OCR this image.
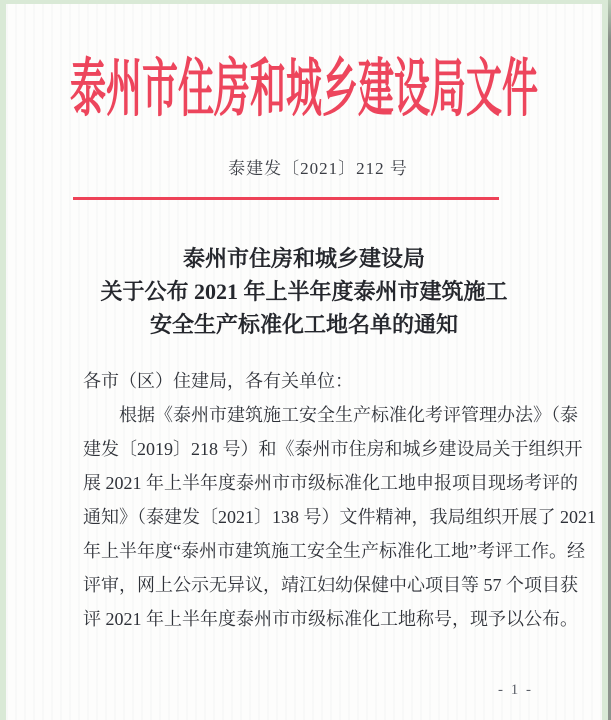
泰州市住房和城乡建设局文件
泰建发〔2021〕212 号
泰州市住房和城乡建设局
关于公布 2021 年上半年度泰州市建筑施工
安全生产标准化工地名单的通知
各市（区）住建局，各有关单位：
根据《泰州市建筑施工安全生产标准化考评管理办法》（泰
建发〔2019〕218 号）和《泰州市住房和城乡建设局关于组织开
展 2021 年上半年度泰州市市级标准化工地申报项目现场考评的
通知》（泰建发〔2021〕138 号）文件精神，我局组织开展了 2021
年上半年度“泰州市建筑施工安全生产标准化工地”考评工作。经
评审，网上公示无异议，靖江妇幼保健中心项目等 57 个项目获
评 2021 年上半年度泰州市市级标准化工地称号，现予以公布。
- 1 -
